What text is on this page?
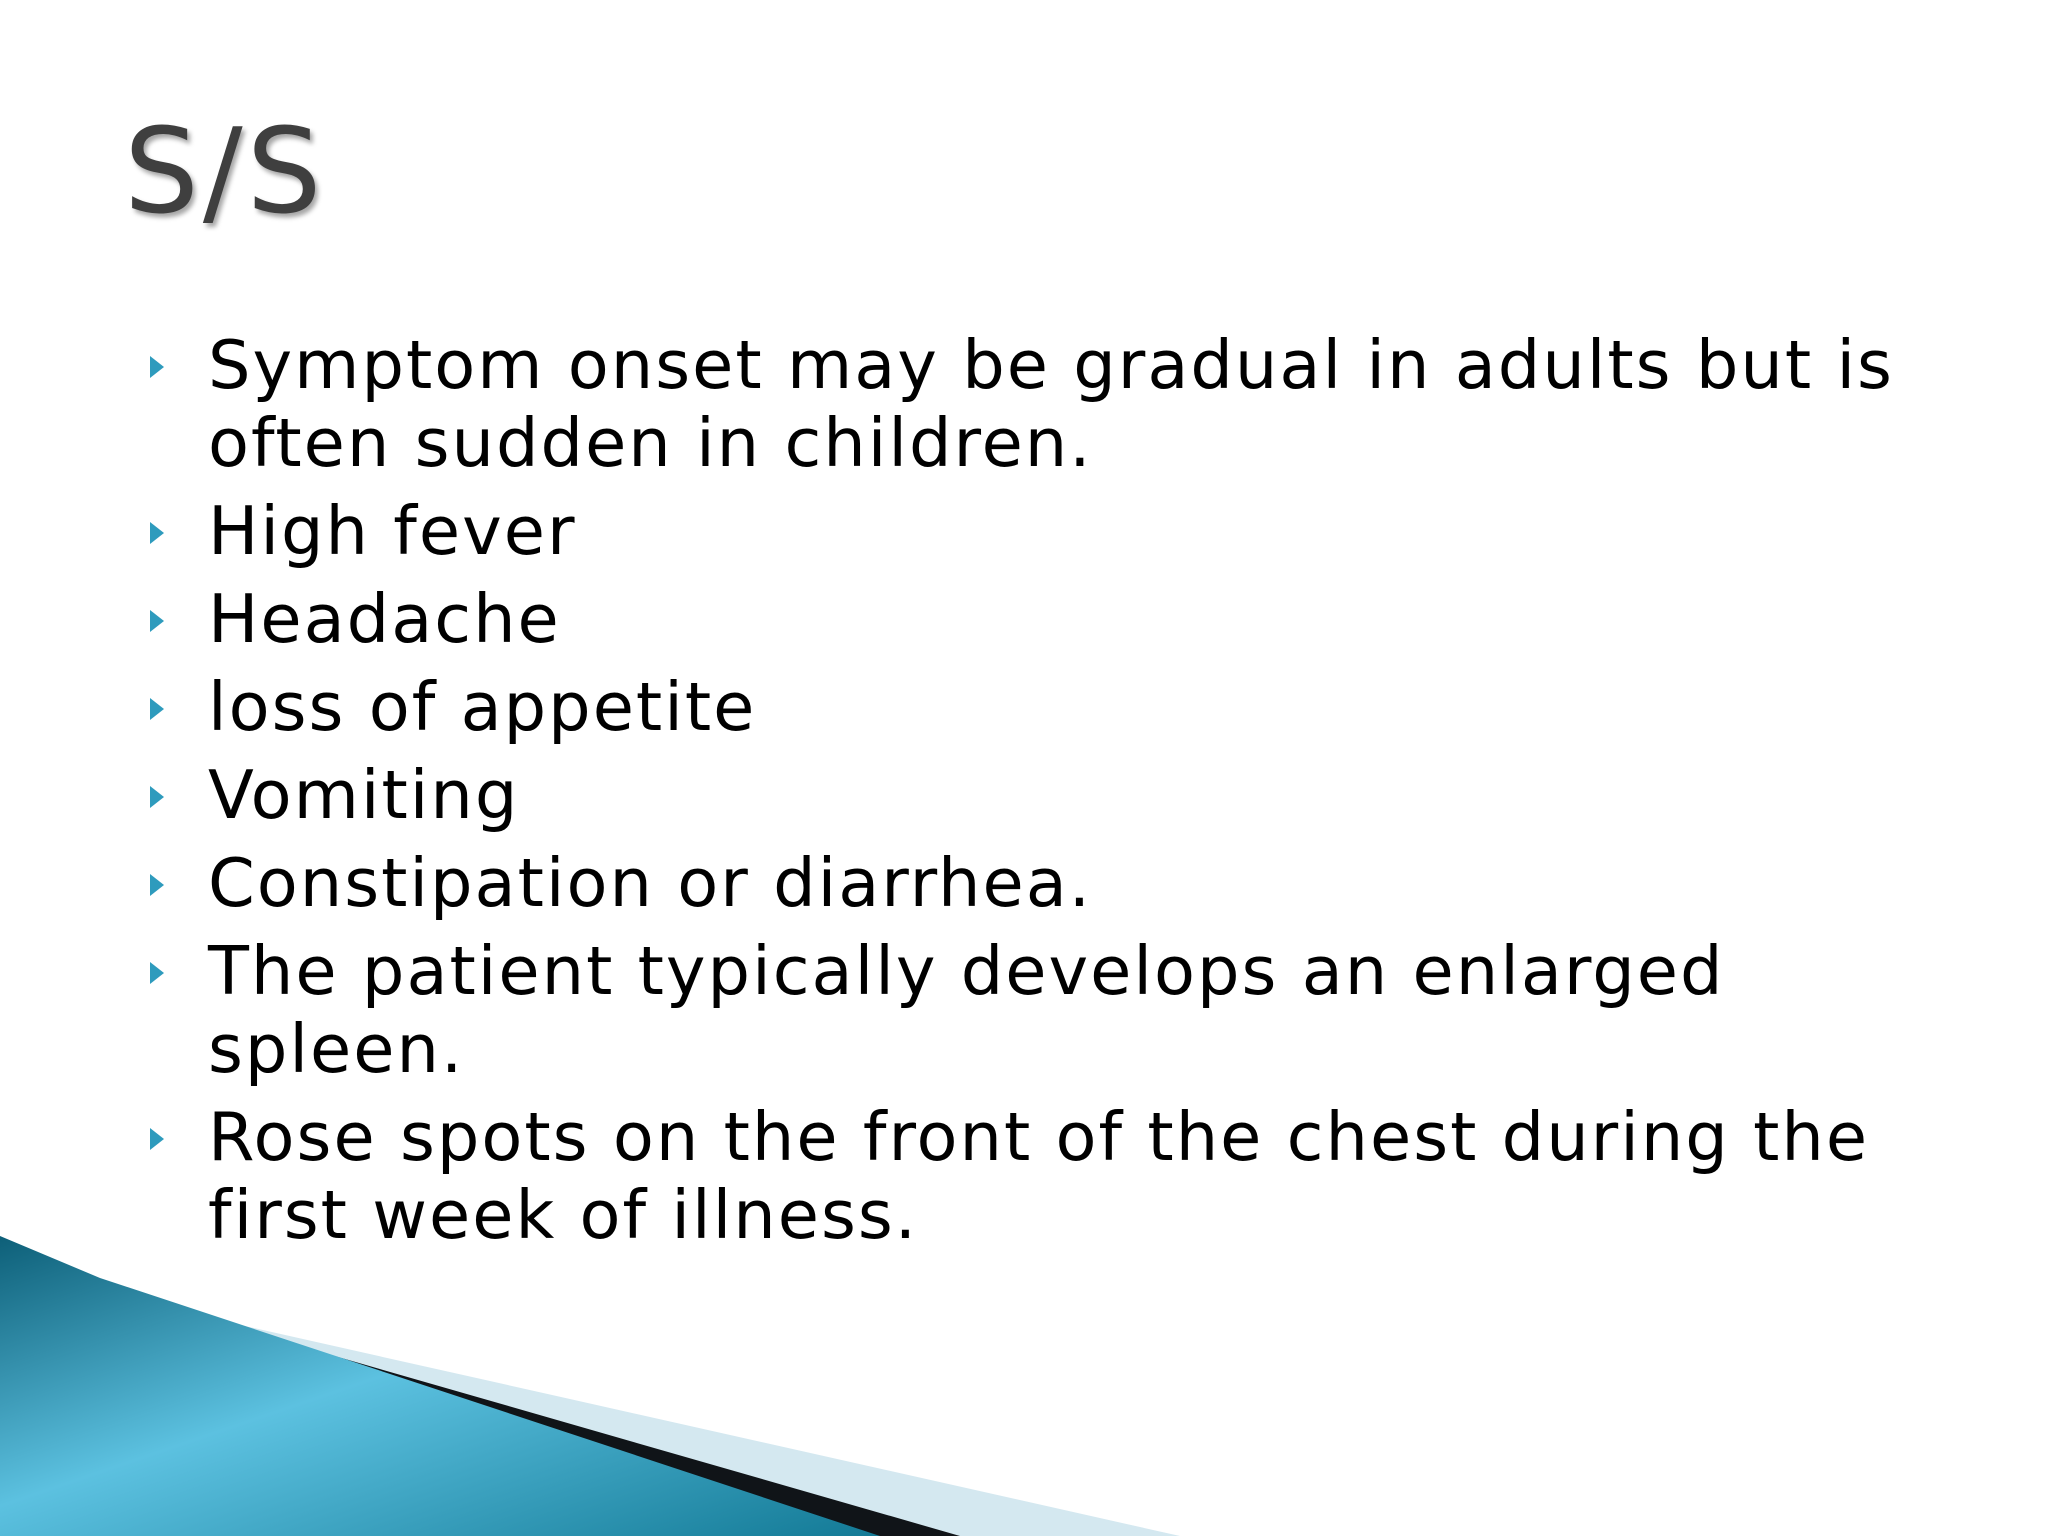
S/S
Symptom onset may be gradual in adults but is often sudden in children.
High fever
Headache
loss of appetite
Vomiting
Constipation or diarrhea.
The patient typically develops an enlarged spleen.
Rose spots on the front of the chest during the first week of illness.
